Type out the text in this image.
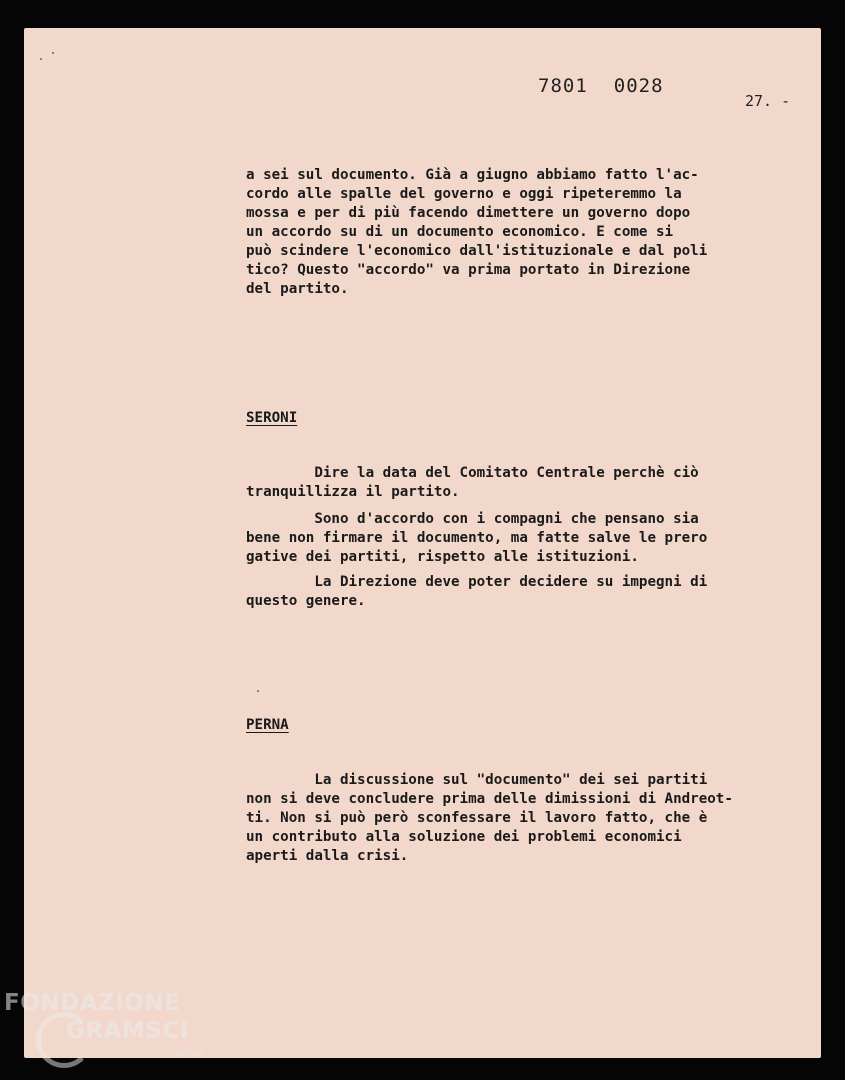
7801 0028
27. -
a sei sul documento. Già a giugno abbiamo fatto l'ac-
cordo alle spalle del governo e oggi ripeteremmo la
mossa e per di più facendo dimettere un governo dopo
un accordo su di un documento economico. E come si
può scindere l'economico dall'istituzionale e dal poli
tico? Questo "accordo" va prima portato in Direzione
del partito.
SERONI
Dire la data del Comitato Centrale perchè ciò
tranquillizza il partito.
Sono d'accordo con i compagni che pensano sia
bene non firmare il documento, ma fatte salve le prero
gative dei partiti, rispetto alle istituzioni.
La Direzione deve poter decidere su impegni di
questo genere.
PERNA
La discussione sul "documento" dei sei partiti
non si deve concludere prima delle dimissioni di Andreot-
ti. Non si può però sconfessare il lavoro fatto, che è
un contributo alla soluzione dei problemi economici
aperti dalla crisi.
FONDAZIONE
GRAMSCI
onlus
